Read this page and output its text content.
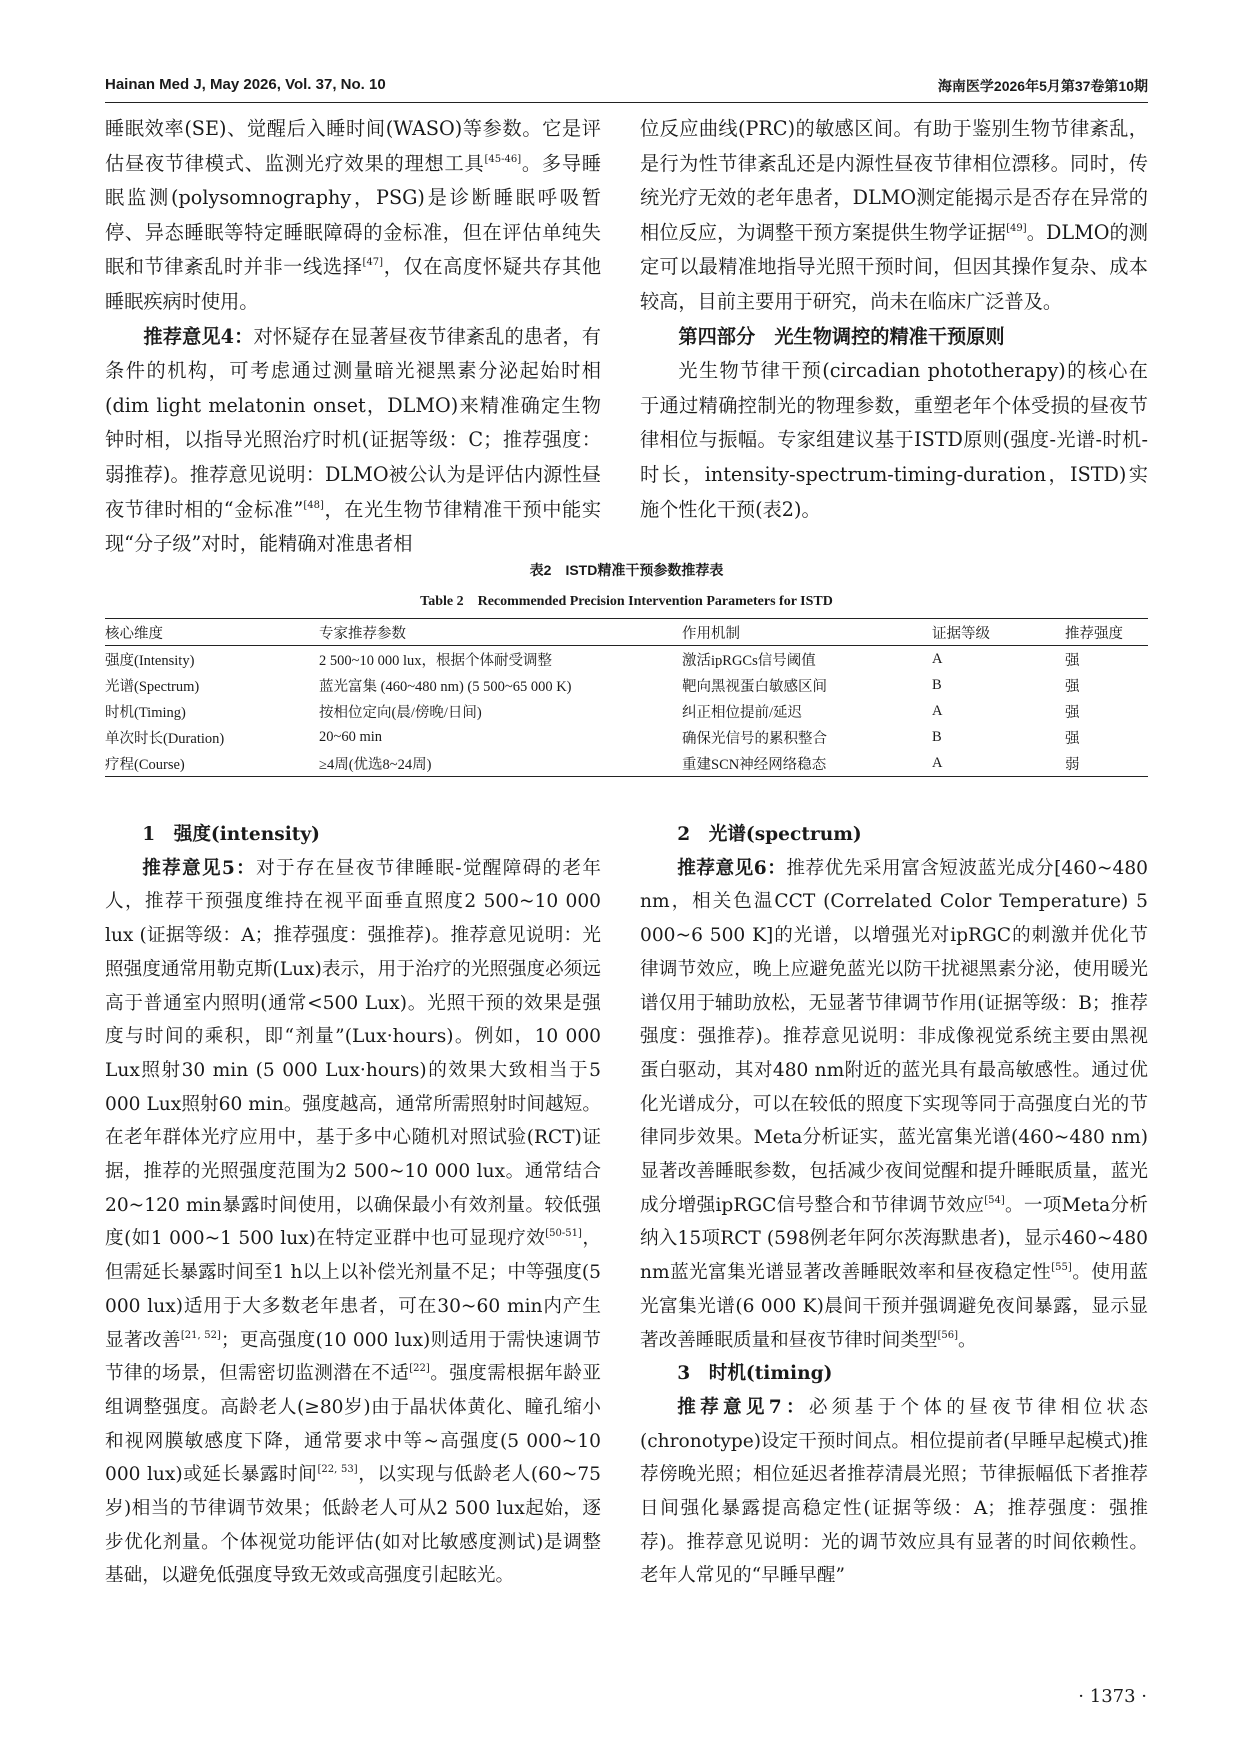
Hainan Med J, May 2026, Vol. 37, No. 10	海南医学2026年5月第37卷第10期

睡眠效率(SE)、觉醒后入睡时间(WASO)等参数。它是评估昼夜节律模式、监测光疗效果的理想工具[45-46]。多导睡眠监测(polysomnography，PSG)是诊断睡眠呼吸暂停、异态睡眠等特定睡眠障碍的金标准，但在评估单纯失眠和节律紊乱时并非一线选择[47]，仅在高度怀疑共存其他睡眠疾病时使用。

推荐意见4：对怀疑存在显著昼夜节律紊乱的患者，有条件的机构，可考虑通过测量暗光褪黑素分泌起始时相(dim light melatonin onset，DLMO)来精准确定生物钟时相，以指导光照治疗时机(证据等级：C；推荐强度：弱推荐)。推荐意见说明：DLMO被公认为是评估内源性昼夜节律时相的“金标准”[48]，在光生物节律精准干预中能实现“分子级”对时，能精确对准患者相

位反应曲线(PRC)的敏感区间。有助于鉴别生物节律紊乱，是行为性节律紊乱还是内源性昼夜节律相位漂移。同时，传统光疗无效的老年患者，DLMO测定能揭示是否存在异常的相位反应，为调整干预方案提供生物学证据[49]。DLMO的测定可以最精准地指导光照干预时间，但因其操作复杂、成本较高，目前主要用于研究，尚未在临床广泛普及。

第四部分　光生物调控的精准干预原则

光生物节律干预(circadian phototherapy)的核心在于通过精确控制光的物理参数，重塑老年个体受损的昼夜节律相位与振幅。专家组建议基于ISTD原则(强度-光谱-时机-时长，intensity-spectrum-timing-duration，ISTD)实施个性化干预(表2)。

表2　ISTD精准干预参数推荐表
Table 2　Recommended Precision Intervention Parameters for ISTD
核心维度	专家推荐参数	作用机制	证据等级	推荐强度
强度(Intensity)	2 500~10 000 lux，根据个体耐受调整	激活ipRGCs信号阈值	A	强
光谱(Spectrum)	蓝光富集 (460~480 nm) (5 500~65 000 K)	靶向黑视蛋白敏感区间	B	强
时机(Timing)	按相位定向(晨/傍晚/日间)	纠正相位提前/延迟	A	强
单次时长(Duration)	20~60 min	确保光信号的累积整合	B	强
疗程(Course)	≥4周(优选8~24周)	重建SCN神经网络稳态	A	弱

1　强度(intensity)

推荐意见5：对于存在昼夜节律睡眠-觉醒障碍的老年人，推荐干预强度维持在视平面垂直照度2 500~10 000 lux (证据等级：A；推荐强度：强推荐)。推荐意见说明：光照强度通常用勒克斯(Lux)表示，用于治疗的光照强度必须远高于普通室内照明(通常<500 Lux)。光照干预的效果是强度与时间的乘积，即“剂量”(Lux·hours)。例如，10 000 Lux照射30 min (5 000 Lux·hours)的效果大致相当于5 000 Lux照射60 min。强度越高，通常所需照射时间越短。在老年群体光疗应用中，基于多中心随机对照试验(RCT)证据，推荐的光照强度范围为2 500~10 000 lux。通常结合20~120 min暴露时间使用，以确保最小有效剂量。较低强度(如1 000~1 500 lux)在特定亚群中也可显现疗效[50-51]，但需延长暴露时间至1 h以上以补偿光剂量不足；中等强度(5 000 lux)适用于大多数老年患者，可在30~60 min内产生显著改善[21, 52]；更高强度(10 000 lux)则适用于需快速调节节律的场景，但需密切监测潜在不适[22]。强度需根据年龄亚组调整强度。高龄老人(≥80岁)由于晶状体黄化、瞳孔缩小和视网膜敏感度下降，通常要求中等~高强度(5 000~10 000 lux)或延长暴露时间[22, 53]，以实现与低龄老人(60~75岁)相当的节律调节效果；低龄老人可从2 500 lux起始，逐步优化剂量。个体视觉功能评估(如对比敏感度测试)是调整基础，以避免低强度导致无效或高强度引起眩光。

2　光谱(spectrum)

推荐意见6：推荐优先采用富含短波蓝光成分[460~480 nm，相关色温CCT (Correlated Color Temperature) 5 000~6 500 K]的光谱，以增强光对ipRGC的刺激并优化节律调节效应，晚上应避免蓝光以防干扰褪黑素分泌，使用暖光谱仅用于辅助放松，无显著节律调节作用(证据等级：B；推荐强度：强推荐)。推荐意见说明：非成像视觉系统主要由黑视蛋白驱动，其对480 nm附近的蓝光具有最高敏感性。通过优化光谱成分，可以在较低的照度下实现等同于高强度白光的节律同步效果。Meta分析证实，蓝光富集光谱(460~480 nm)显著改善睡眠参数，包括减少夜间觉醒和提升睡眠质量，蓝光成分增强ipRGC信号整合和节律调节效应[54]。一项Meta分析纳入15项RCT (598例老年阿尔茨海默患者)，显示460~480 nm蓝光富集光谱显著改善睡眠效率和昼夜稳定性[55]。使用蓝光富集光谱(6 000 K)晨间干预并强调避免夜间暴露，显示显著改善睡眠质量和昼夜节律时间类型[56]。

3　时机(timing)

推荐意见7：必须基于个体的昼夜节律相位状态(chronotype)设定干预时间点。相位提前者(早睡早起模式)推荐傍晚光照；相位延迟者推荐清晨光照；节律振幅低下者推荐日间强化暴露提高稳定性(证据等级：A；推荐强度：强推荐)。推荐意见说明：光的调节效应具有显著的时间依赖性。老年人常见的“早睡早醒”

· 1373 ·
